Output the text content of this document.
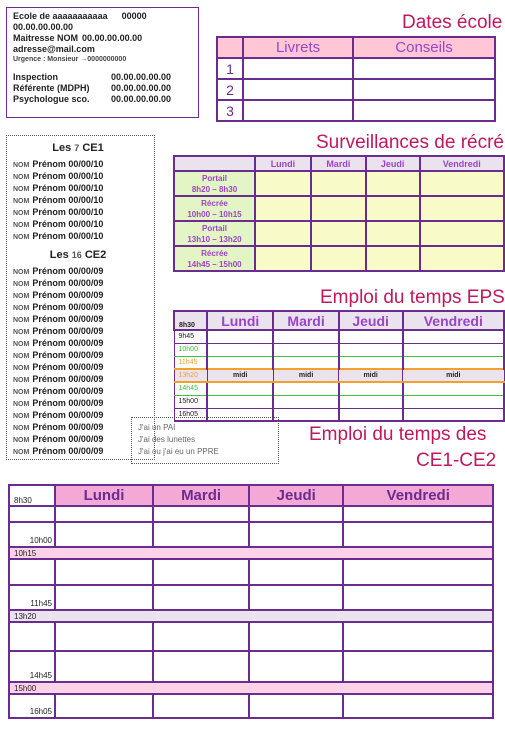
Ecole de aaaaaaaaaaa 00000
00.00.00.00.00
Maitresse NOM 00.00.00.00.00
adresse@mail.com
Urgence : Monsieur →0000000000
Inspection	00.00.00.00.00
Référente (MDPH) 00.00.00.00.00
Psychologue sco. 00.00.00.00.00
Dates école
	Livrets	Conseils
1		
2		
3		
Les 7 CE1
NOM Prénom 00/00/10
NOM Prénom 00/00/10
NOM Prénom 00/00/10
NOM Prénom 00/00/10
NOM Prénom 00/00/10
NOM Prénom 00/00/10
NOM Prénom 00/00/10
Les 16 CE2
NOM Prénom 00/00/09
NOM Prénom 00/00/09
NOM Prénom 00/00/09
NOM Prénom 00/00/09
NOM Prénom 00/00/09
NOM Prénom 00/00/09
NOM Prénom 00/00/09
NOM Prénom 00/00/09
NOM Prénom 00/00/09
NOM Prénom 00/00/09
NOM Prénom 00/00/09
NOM Prénom 00/00/09
NOM Prénom 00/00/09
NOM Prénom 00/00/09
NOM Prénom 00/00/09
NOM Prénom 00/00/09
J'ai un PAI
J'ai des lunettes
J'ai ou j'ai eu un PPRE
Surveillances de récré
	Lundi	Mardi	Jeudi	Vendredi
Portail
8h20 – 8h30				
Récrée
10h00 – 10h15				
Portail
13h10 – 13h20				
Récrée
14h45 – 15h00				
Emploi du temps EPS
8h30	Lundi	Mardi	Jeudi	Vendredi
9h45				
10h00				
11h45				
13h20	midi	midi	midi	midi
14h45				
15h00				
16h05				
Emploi du temps des
CE1-CE2
8h30	Lundi	Mardi	Jeudi	Vendredi

10h00				
10h15				

11h45				
13h20				

14h45				
15h00				
16h05				
